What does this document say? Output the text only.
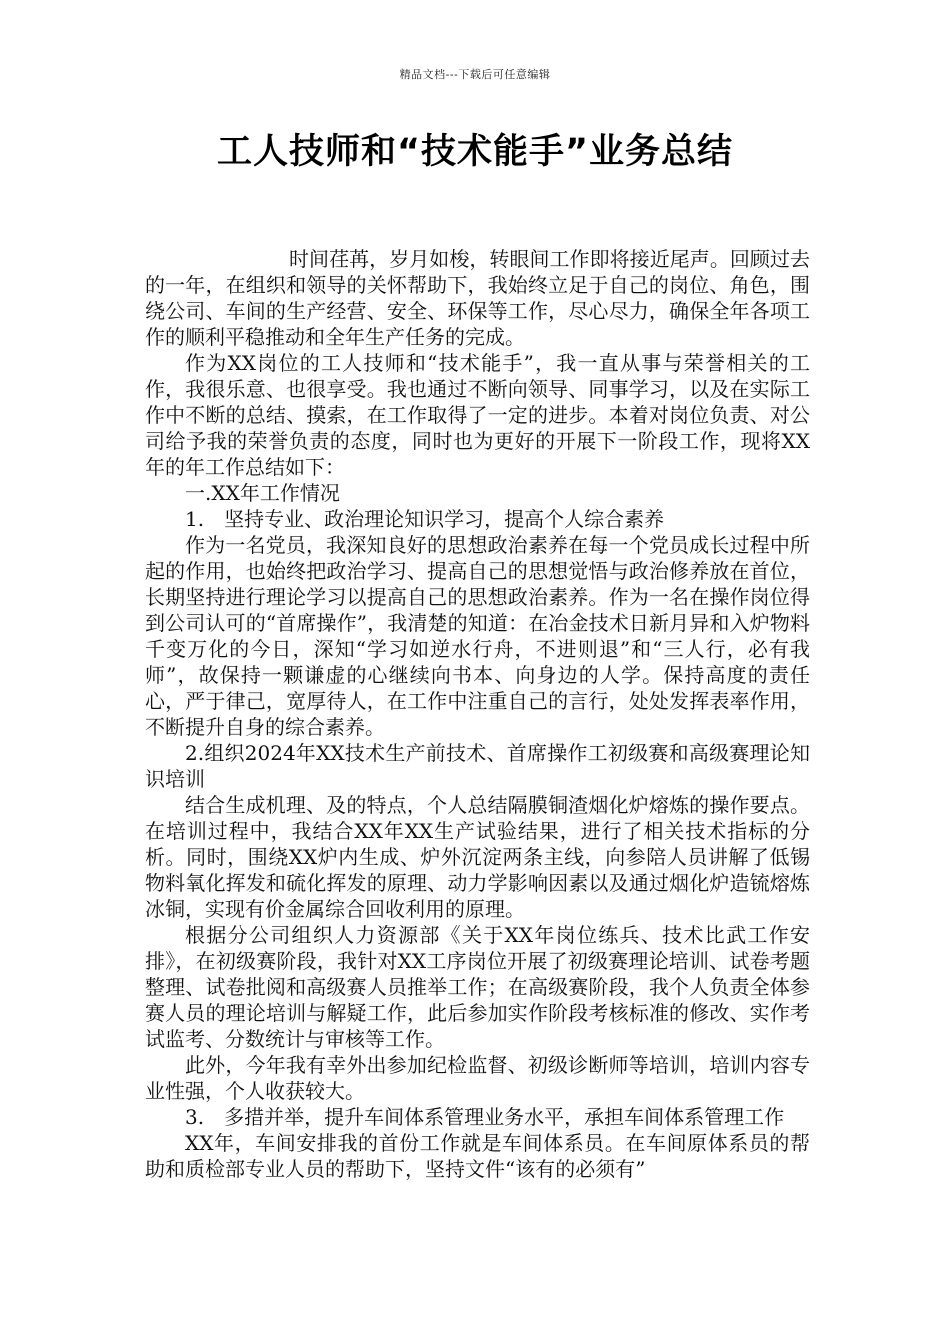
精品文档---下载后可任意编辑
工人技师和“技术能手”业务总结

时间荏苒，岁月如梭，转眼间工作即将接近尾声。回顾过去的一年，在组织和领导的关怀帮助下，我始终立足于自己的岗位、角色，围绕公司、车间的生产经营、安全、环保等工作，尽心尽力，确保全年各项工作的顺利平稳推动和全年生产任务的完成。

作为XX岗位的工人技师和“技术能手”，我一直从事与荣誉相关的工作，我很乐意、也很享受。我也通过不断向领导、同事学习，以及在实际工作中不断的总结、摸索，在工作取得了一定的进步。本着对岗位负责、对公司给予我的荣誉负责的态度，同时也为更好的开展下一阶段工作，现将XX年的年工作总结如下：

一.XX年工作情况

1.　坚持专业、政治理论知识学习，提高个人综合素养

作为一名党员，我深知良好的思想政治素养在每一个党员成长过程中所起的作用，也始终把政治学习、提高自己的思想觉悟与政治修养放在首位，长期坚持进行理论学习以提高自己的思想政治素养。作为一名在操作岗位得到公司认可的“首席操作”，我清楚的知道：在冶金技术日新月异和入炉物料千变万化的今日，深知“学习如逆水行舟，不进则退”和“三人行，必有我师”，故保持一颗谦虚的心继续向书本、向身边的人学。保持高度的责任心，严于律己，宽厚待人，在工作中注重自己的言行，处处发挥表率作用，不断提升自身的综合素养。

2.组织2024年XX技术生产前技术、首席操作工初级赛和高级赛理论知识培训

结合生成机理、及的特点，个人总结隔膜铜渣烟化炉熔炼的操作要点。在培训过程中，我结合XX年XX生产试验结果，进行了相关技术指标的分析。同时，围绕XX炉内生成、炉外沉淀两条主线，向参陪人员讲解了低锡物料氧化挥发和硫化挥发的原理、动力学影响因素以及通过烟化炉造锍熔炼冰铜，实现有价金属综合回收利用的原理。

根据分公司组织人力资源部《关于XX年岗位练兵、技术比武工作安排》，在初级赛阶段，我针对XX工序岗位开展了初级赛理论培训、试卷考题整理、试卷批阅和高级赛人员推举工作；在高级赛阶段，我个人负责全体参赛人员的理论培训与解疑工作，此后参加实作阶段考核标准的修改、实作考试监考、分数统计与审核等工作。

此外，今年我有幸外出参加纪检监督、初级诊断师等培训，培训内容专业性强，个人收获较大。

3.　多措并举，提升车间体系管理业务水平，承担车间体系管理工作

XX年，车间安排我的首份工作就是车间体系员。在车间原体系员的帮助和质检部专业人员的帮助下，坚持文件“该有的必须有”
